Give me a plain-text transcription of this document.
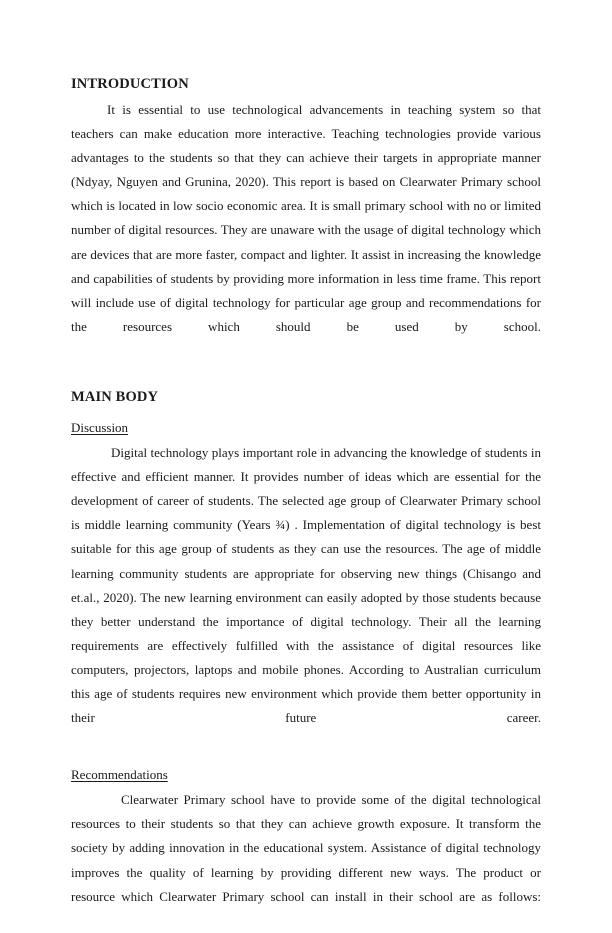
INTRODUCTION

It is essential to use technological advancements in teaching system so that teachers can make education more interactive. Teaching technologies provide various advantages to the students so that they can achieve their targets in appropriate manner (Ndyay, Nguyen and Grunina, 2020). This report is based on Clearwater Primary school which is located in low socio economic area. It is small primary school with no or limited number of digital resources. They are unaware with the usage of digital technology which are devices that are more faster, compact and lighter. It assist in increasing the knowledge and capabilities of students by providing more information in less time frame. This report will include use of digital technology for particular age group and recommendations for the resources which should be used by school.

MAIN BODY
Discussion

Digital technology plays important role in advancing the knowledge of students in effective and efficient manner. It provides number of ideas which are essential for the development of career of students. The selected age group of Clearwater Primary school is middle learning community (Years ¾) . Implementation of digital technology is best suitable for this age group of students as they can use the resources. The age of middle learning community students are appropriate for observing new things (Chisango and et.al., 2020). The new learning environment can easily adopted by those students because they better understand the importance of digital technology. Their all the learning requirements are effectively fulfilled with the assistance of digital resources like computers, projectors, laptops and mobile phones. According to Australian curriculum this age of students requires new environment which provide them better opportunity in their future career.

Recommendations

Clearwater Primary school have to provide some of the digital technological resources to their students so that they can achieve growth exposure. It transform the society by adding innovation in the educational system. Assistance of digital technology improves the quality of learning by providing different new ways. The product or resource which Clearwater Primary school can install in their school are as follows:
